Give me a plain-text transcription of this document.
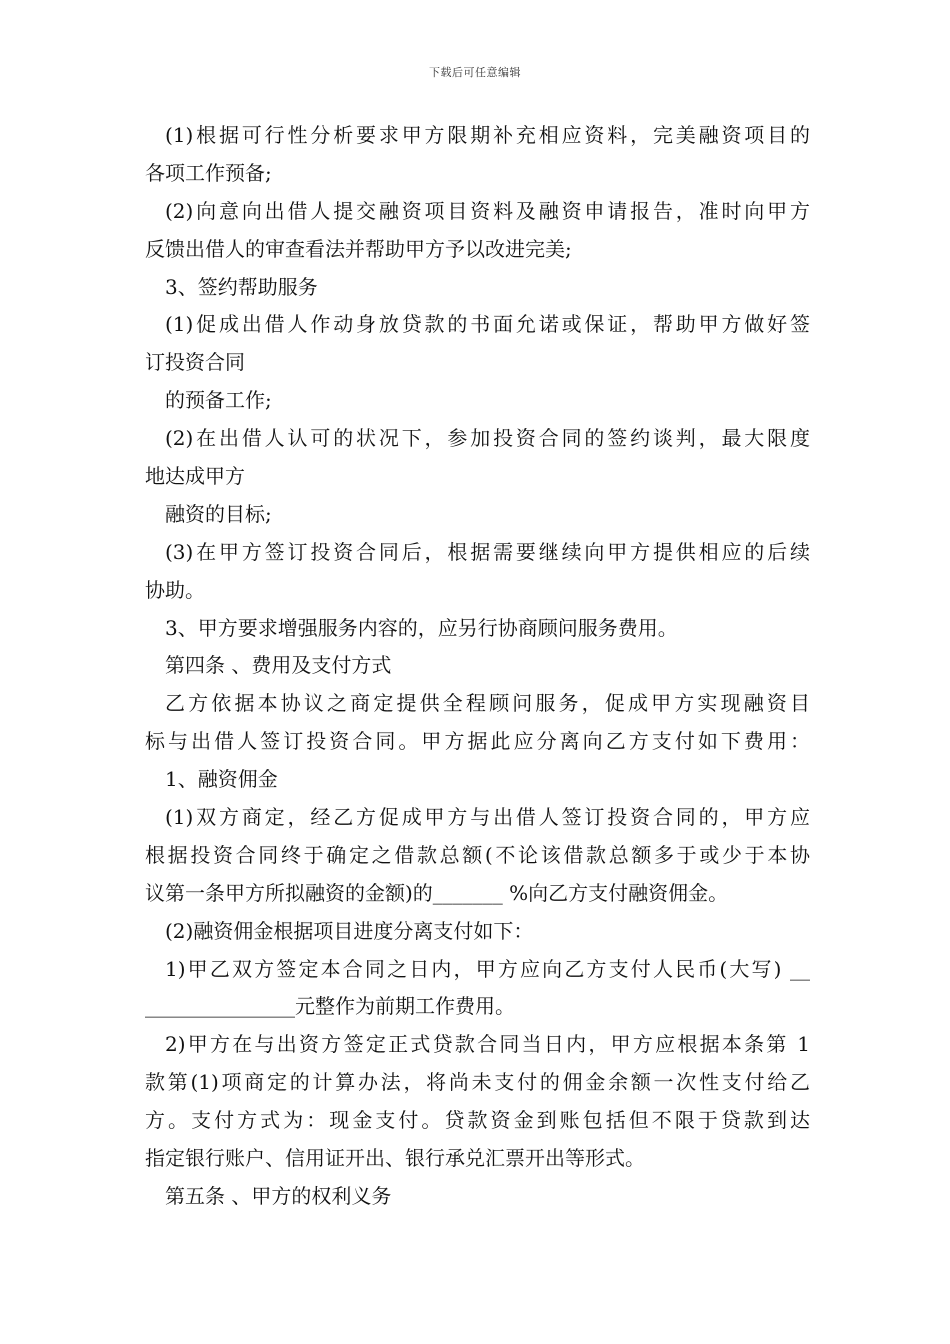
下载后可任意编辑
(1)根据可行性分析要求甲方限期补充相应资料，完美融资项目的
各项工作预备;
(2)向意向出借人提交融资项目资料及融资申请报告，准时向甲方
反馈出借人的审查看法并帮助甲方予以改进完美;
3、签约帮助服务
(1)促成出借人作动身放贷款的书面允诺或保证，帮助甲方做好签
订投资合同
的预备工作;
(2)在出借人认可的状况下，参加投资合同的签约谈判，最大限度
地达成甲方
融资的目标;
(3)在甲方签订投资合同后，根据需要继续向甲方提供相应的后续
协助。
3、甲方要求增强服务内容的，应另行协商顾问服务费用。
第四条 、费用及支付方式
乙方依据本协议之商定提供全程顾问服务，促成甲方实现融资目
标与出借人签订投资合同。甲方据此应分离向乙方支付如下费用：
1、融资佣金
(1)双方商定，经乙方促成甲方与出借人签订投资合同的，甲方应
根据投资合同终于确定之借款总额(不论该借款总额多于或少于本协
议第一条甲方所拟融资的金额)的_______ %向乙方支付融资佣金。
(2)融资佣金根据项目进度分离支付如下：
1)甲乙双方签定本合同之日内，甲方应向乙方支付人民币(大写) __
_______________元整作为前期工作费用。
2)甲方在与出资方签定正式贷款合同当日内，甲方应根据本条第 1
款第(1)项商定的计算办法，将尚未支付的佣金余额一次性支付给乙
方。支付方式为：现金支付。贷款资金到账包括但不限于贷款到达
指定银行账户、信用证开出、银行承兑汇票开出等形式。
第五条 、甲方的权利义务
